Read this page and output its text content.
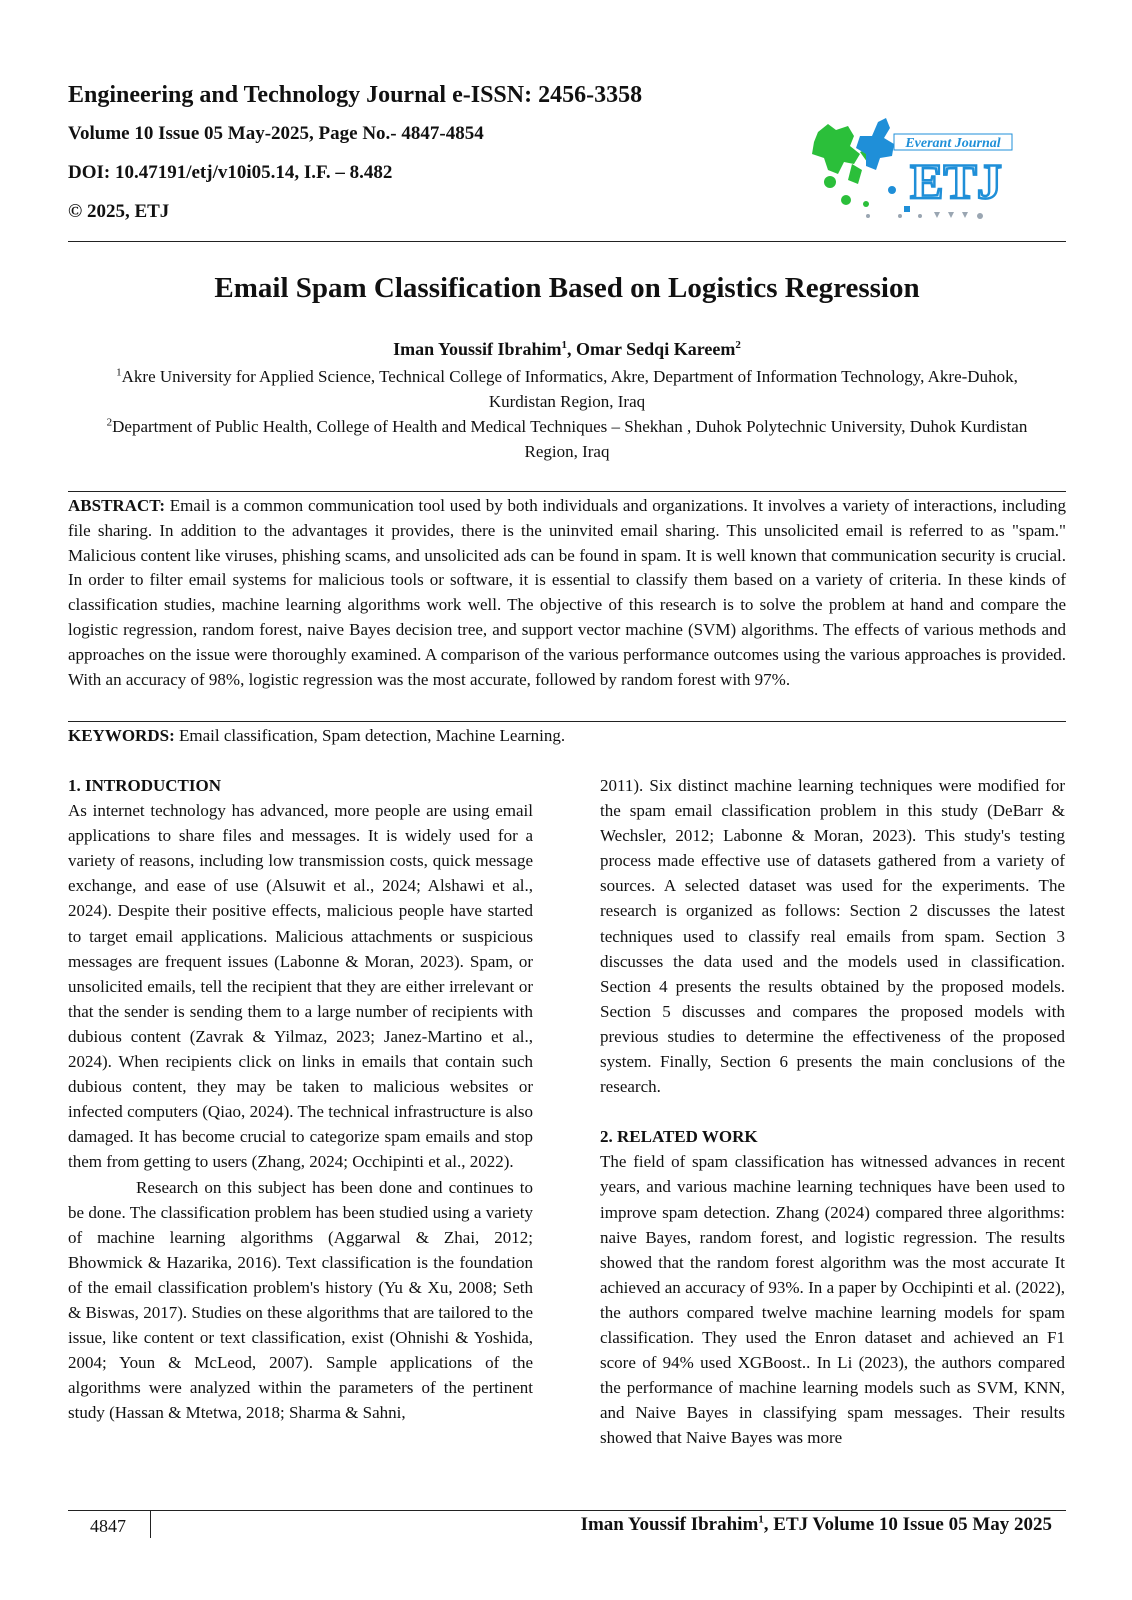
Engineering and Technology Journal e-ISSN: 2456-3358
Volume 10 Issue 05 May-2025, Page No.- 4847-4854
DOI: 10.47191/etj/v10i05.14, I.F. – 8.482
© 2025, ETJ
Everant Journal
ETJ
Email Spam Classification Based on Logistics Regression
Iman Youssif Ibrahim$^1$, Omar Sedqi Kareem$^2$
$^1$Akre University for Applied Science, Technical College of Informatics, Akre, Department of Information Technology, Akre-Duhok, Kurdistan Region, Iraq
$^2$Department of Public Health, College of Health and Medical Techniques – Shekhan , Duhok Polytechnic University, Duhok Kurdistan Region, Iraq

ABSTRACT: Email is a common communication tool used by both individuals and organizations. It involves a variety of interactions, including file sharing. In addition to the advantages it provides, there is the uninvited email sharing. This unsolicited email is referred to as "spam." Malicious content like viruses, phishing scams, and unsolicited ads can be found in spam. It is well known that communication security is crucial. In order to filter email systems for malicious tools or software, it is essential to classify them based on a variety of criteria. In these kinds of classification studies, machine learning algorithms work well. The objective of this research is to solve the problem at hand and compare the logistic regression, random forest, naive Bayes decision tree, and support vector machine (SVM) algorithms. The effects of various methods and approaches on the issue were thoroughly examined. A comparison of the various performance outcomes using the various approaches is provided. With an accuracy of 98%, logistic regression was the most accurate, followed by random forest with 97%.

KEYWORDS: Email classification, Spam detection, Machine Learning.

1. INTRODUCTION

As internet technology has advanced, more people are using email applications to share files and messages. It is widely used for a variety of reasons, including low transmission costs, quick message exchange, and ease of use (Alsuwit et al., 2024; Alshawi et al., 2024). Despite their positive effects, malicious people have started to target email applications. Malicious attachments or suspicious messages are frequent issues (Labonne & Moran, 2023). Spam, or unsolicited emails, tell the recipient that they are either irrelevant or that the sender is sending them to a large number of recipients with dubious content (Zavrak & Yilmaz, 2023; Janez-Martino et al., 2024). When recipients click on links in emails that contain such dubious content, they may be taken to malicious websites or infected computers (Qiao, 2024). The technical infrastructure is also damaged. It has become crucial to categorize spam emails and stop them from getting to users (Zhang, 2024; Occhipinti et al., 2022).

Research on this subject has been done and continues to be done. The classification problem has been studied using a variety of machine learning algorithms (Aggarwal & Zhai, 2012; Bhowmick & Hazarika, 2016). Text classification is the foundation of the email classification problem's history (Yu & Xu, 2008; Seth & Biswas, 2017). Studies on these algorithms that are tailored to the issue, like content or text classification, exist (Ohnishi & Yoshida, 2004; Youn & McLeod, 2007). Sample applications of the algorithms were analyzed within the parameters of the pertinent study (Hassan & Mtetwa, 2018; Sharma & Sahni,

2011). Six distinct machine learning techniques were modified for the spam email classification problem in this study (DeBarr & Wechsler, 2012; Labonne & Moran, 2023). This study's testing process made effective use of datasets gathered from a variety of sources. A selected dataset was used for the experiments. The research is organized as follows: Section 2 discusses the latest techniques used to classify real emails from spam. Section 3 discusses the data used and the models used in classification. Section 4 presents the results obtained by the proposed models. Section 5 discusses and compares the proposed models with previous studies to determine the effectiveness of the proposed system. Finally, Section 6 presents the main conclusions of the research.

2. RELATED WORK

The field of spam classification has witnessed advances in recent years, and various machine learning techniques have been used to improve spam detection. Zhang (2024) compared three algorithms: naive Bayes, random forest, and logistic regression. The results showed that the random forest algorithm was the most accurate It achieved an accuracy of 93%. In a paper by Occhipinti et al. (2022), the authors compared twelve machine learning models for spam classification. They used the Enron dataset and achieved an F1 score of 94% used XGBoost.. In Li (2023), the authors compared the performance of machine learning models such as SVM, KNN, and Naive Bayes in classifying spam messages. Their results showed that Naive Bayes was more

4847	Iman Youssif Ibrahim$^1$, ETJ Volume 10 Issue 05 May 2025
